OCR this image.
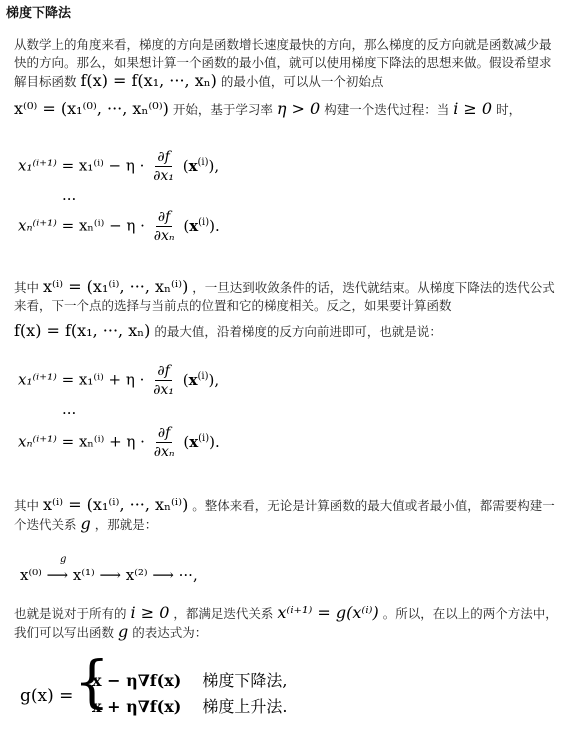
梯度下降法
从数学上的角度来看，梯度的方向是函数增长速度最快的方向，那么梯度的反方向就是函数减少最快的方向。那么，如果想计算一个函数的最小值，就可以使用梯度下降法的思想来做。假设希望求解目标函数 f(x) = f(x₁, ···, xₙ) 的最小值，可以从一个初始点
x⁽⁰⁾ = (x₁⁽⁰⁾, ···, xₙ⁽⁰⁾) 开始，基于学习率 η > 0 构建一个迭代过程：当 i ≥ 0 时，
$x_1^{(i+1)} = x_1^{(i)} - \eta \cdot \frac{\partial f}{\text{∂x₁}} (x^{(i)})$,
···
$x_n^{(i+1)} = x_n^{(i)} - \eta \cdot \frac{\partial f}{\text{∂xₙ}} (x^{(i)})$.
其中 x⁽ⁱ⁾ = (x₁⁽ⁱ⁾, ···, xₙ⁽ⁱ⁾) ，一旦达到收敛条件的话，迭代就结束。从梯度下降法的迭代公式来看，下一个点的选择与当前点的位置和它的梯度相关。反之，如果要计算函数
f(x) = f(x₁, ···, xₙ) 的最大值，沿着梯度的反方向前进即可，也就是说：
$x_1^{(i+1)} = x_1^{(i)} + \eta \cdot \frac{\partial f}{\text{∂x₁}} (x^{(i)})$,
···
$x_n^{(i+1)} = x_n^{(i)} + \eta \cdot \frac{\partial f}{\text{∂xₙ}} (x^{(i)})$.
其中 x⁽ⁱ⁾ = (x₁⁽ⁱ⁾, ···, xₙ⁽ⁱ⁾) 。整体来看，无论是计算函数的最大值或者最小值，都需要构建一个迭代关系 g ，那就是：
g
x⁽⁰⁾ ⟶ x⁽¹⁾ ⟶ x⁽²⁾ ⟶ ···,
也就是说对于所有的 i ≥ 0 ，都满足迭代关系 x⁽ⁱ⁺¹⁾ = g(x⁽ⁱ⁾) 。所以，在以上的两个方法中，我们可以写出函数 g 的表达式为：
g(x) = {
x − η∇f(x) 梯度下降法,
x + η∇f(x) 梯度上升法.
